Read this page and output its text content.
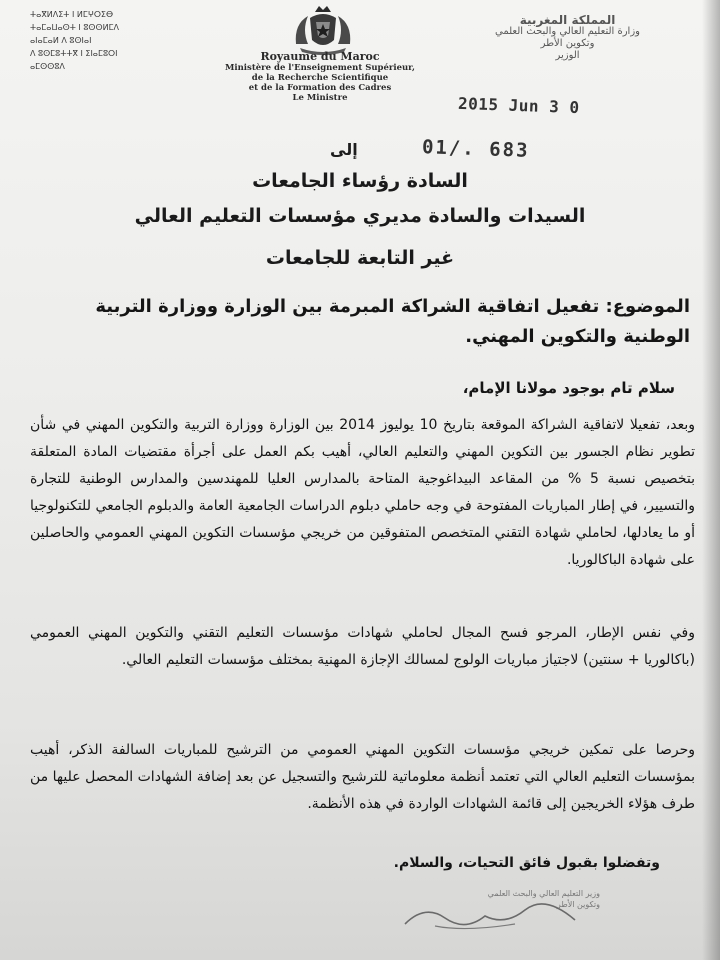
ⵜⴰⴳⵍⴷⵉⵜ ⵏ ⵍⵎⵖⵔⵉⴱ
ⵜⴰⵎⴰⵡⴰⵙⵜ ⵏ ⵓⵙⵙⵍⵎⴷ
ⴰⵏⴰⵎⴰⵍ ⴷ ⵓⵙⵏⴰⵏ
ⴷ ⵓⵙⵎⵓⵜⵜⴳ ⵏ ⵉⵏⴰⵎⵓⵔⵏ
ⴰⵎⵙⵙⵓⴷ
Royaume du Maroc
Ministère de l'Enseignement Supérieur,
de la Recherche Scientifique
et de la Formation des Cadres
Le Ministre
المملكة المغربية
وزارة التعليم العالي والبحث العلمي
وتكوين الأطر
الوزير
2015 Jun 3 0
01/. 683
إلى
السادة رؤساء الجامعات
السيدات والسادة مديري مؤسسات التعليم العالي
غير التابعة للجامعات
الموضوع: تفعيل اتفاقية الشراكة المبرمة بين الوزارة ووزارة التربية الوطنية والتكوين المهني.
سلام تام بوجود مولانا الإمام،
وبعد، تفعيلا لاتفاقية الشراكة الموقعة بتاريخ 10 يوليوز 2014 بين الوزارة ووزارة التربية والتكوين المهني في شأن تطوير نظام الجسور بين التكوين المهني والتعليم العالي، أهيب بكم العمل على أجرأة مقتضيات المادة المتعلقة بتخصيص نسبة 5 % من المقاعد البيداغوجية المتاحة بالمدارس العليا للمهندسين والمدارس الوطنية للتجارة والتسيير، في إطار المباريات المفتوحة في وجه حاملي دبلوم الدراسات الجامعية العامة والدبلوم الجامعي للتكنولوجيا أو ما يعادلها، لحاملي شهادة التقني المتخصص المتفوقين من خريجي مؤسسات التكوين المهني العمومي والحاصلين على شهادة الباكالوريا.
وفي نفس الإطار، المرجو فسح المجال لحاملي شهادات مؤسسات التعليم التقني والتكوين المهني العمومي (باكالوريا + سنتين) لاجتياز مباريات الولوج لمسالك الإجازة المهنية بمختلف مؤسسات التعليم العالي.
وحرصا على تمكين خريجي مؤسسات التكوين المهني العمومي من الترشيح للمباريات السالفة الذكر، أهيب بمؤسسات التعليم العالي التي تعتمد أنظمة معلوماتية للترشيح والتسجيل عن بعد إضافة الشهادات المحصل عليها من طرف هؤلاء الخريجين إلى قائمة الشهادات الواردة في هذه الأنظمة.
وتفضلوا بقبول فائق التحيات، والسلام.
وزير التعليم العالي والبحث العلمي
وتكوين الأطر
